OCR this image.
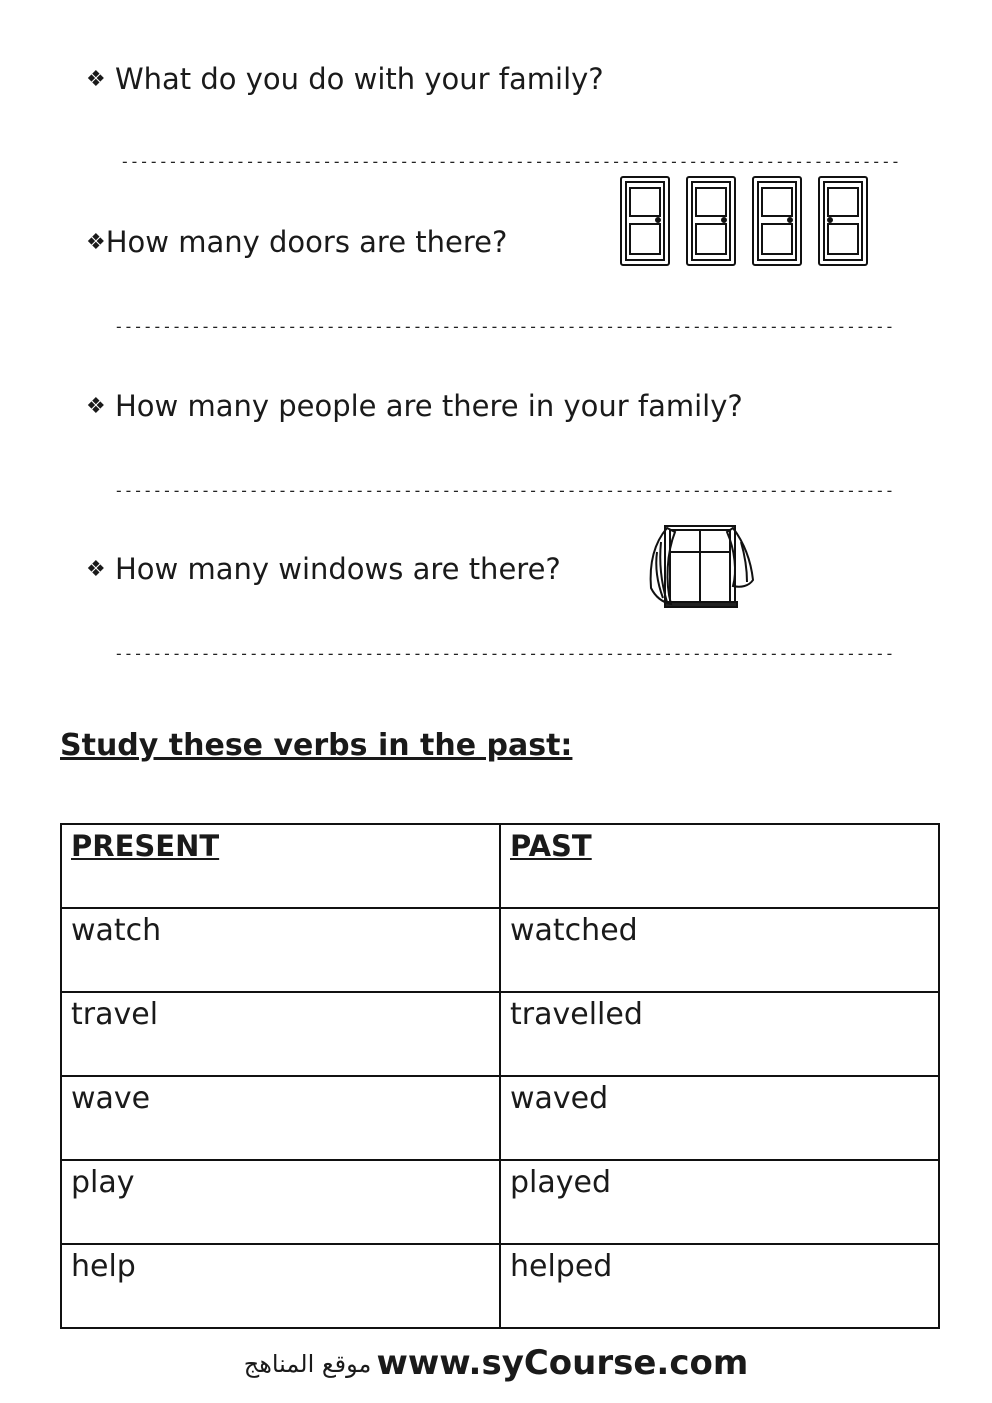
❖ What do you do with your family?
---------------------------------------------------------------------------------
❖How many doors are there?
---------------------------------------------------------------------------------
❖ How many people are there in your family?
---------------------------------------------------------------------------------
❖ How many windows are there?
---------------------------------------------------------------------------------
Study these verbs in the past:
PRESENT	PAST
watch	watched
travel	travelled
wave	waved
play	played
help	helped
موقع المناهج www.syCourse.com
